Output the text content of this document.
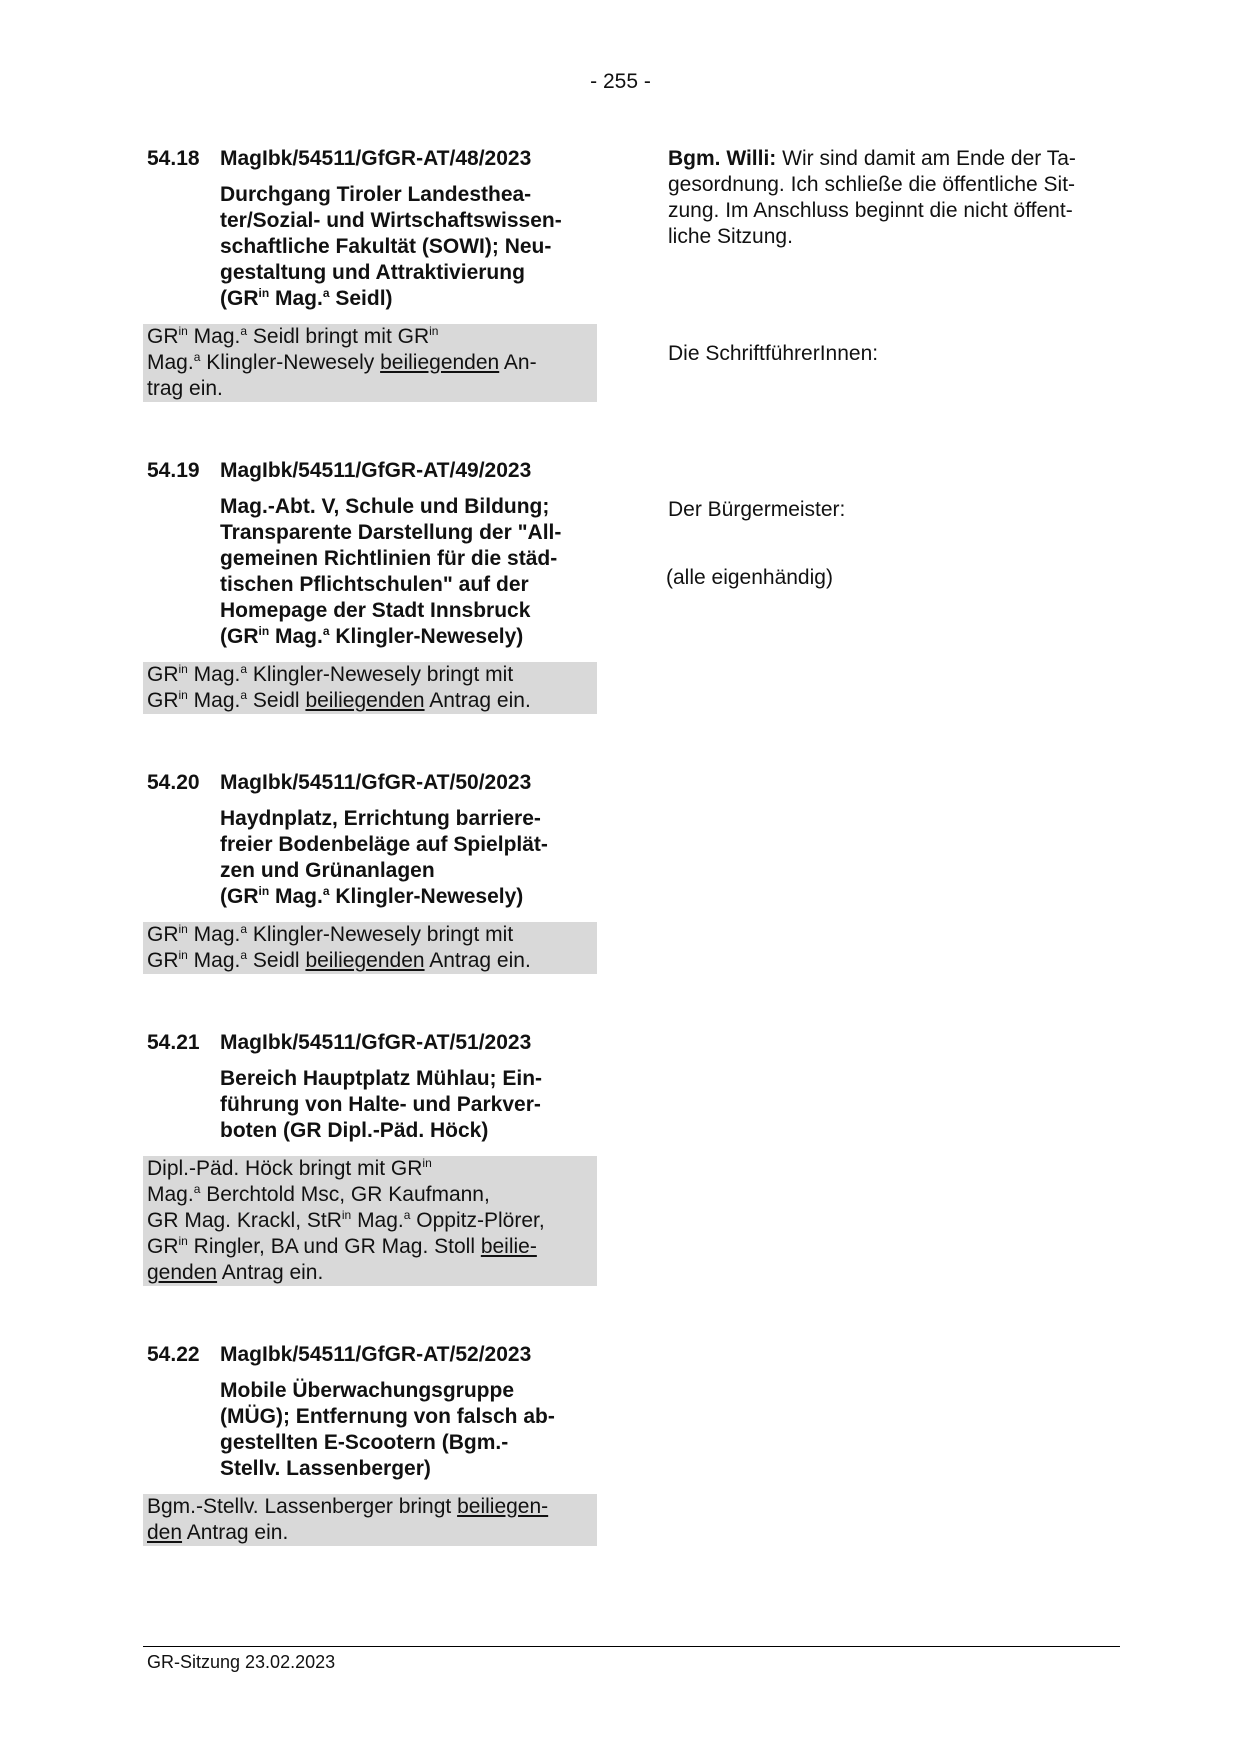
- 255 -
54.18 MagIbk/54511/GfGR-AT/48/2023
Durchgang Tiroler Landesthea-
ter/Sozial- und Wirtschaftswissen-
schaftliche Fakultät (SOWI); Neu-
gestaltung und Attraktivierung
($GR^{in}$ Mag.$^a$ Seidl)
$GR^{in}$ Mag.$^a$ Seidl bringt mit $GR^{in}$
Mag.$^a$ Klingler-Newesely beiliegenden An-
trag ein.
54.19 MagIbk/54511/GfGR-AT/49/2023
Mag.-Abt. V, Schule und Bildung;
Transparente Darstellung der "All-
gemeinen Richtlinien für die städ-
tischen Pflichtschulen" auf der
Homepage der Stadt Innsbruck
($GR^{in}$ Mag.$^a$ Klingler-Newesely)
$GR^{in}$ Mag.$^a$ Klingler-Newesely bringt mit
$GR^{in}$ Mag.$^a$ Seidl beiliegenden Antrag ein.
54.20 MagIbk/54511/GfGR-AT/50/2023
Haydnplatz, Errichtung barriere-
freier Bodenbeläge auf Spielplät-
zen und Grünanlagen
($GR^{in}$ Mag.$^a$ Klingler-Newesely)
$GR^{in}$ Mag.$^a$ Klingler-Newesely bringt mit
$GR^{in}$ Mag.$^a$ Seidl beiliegenden Antrag ein.
54.21 MagIbk/54511/GfGR-AT/51/2023
Bereich Hauptplatz Mühlau; Ein-
führung von Halte- und Parkver-
boten (GR Dipl.-Päd. Höck)
Dipl.-Päd. Höck bringt mit $GR^{in}$
Mag.$^a$ Berchtold Msc, GR Kaufmann,
GR Mag. Krackl, StR$^{in}$ Mag.$^a$ Oppitz-Plörer,
$GR^{in}$ Ringler, BA und GR Mag. Stoll beilie-
genden Antrag ein.
54.22 MagIbk/54511/GfGR-AT/52/2023
Mobile Überwachungsgruppe
(MÜG); Entfernung von falsch ab-
gestellten E-Scootern (Bgm.-
Stellv. Lassenberger)
Bgm.-Stellv. Lassenberger bringt beiliegen-
den Antrag ein.
Bgm. Willi: Wir sind damit am Ende der Ta-
gesordnung. Ich schließe die öffentliche Sit-
zung. Im Anschluss beginnt die nicht öffent-
liche Sitzung.
Die SchriftführerInnen:
Der Bürgermeister:
(alle eigenhändig)
GR-Sitzung 23.02.2023
